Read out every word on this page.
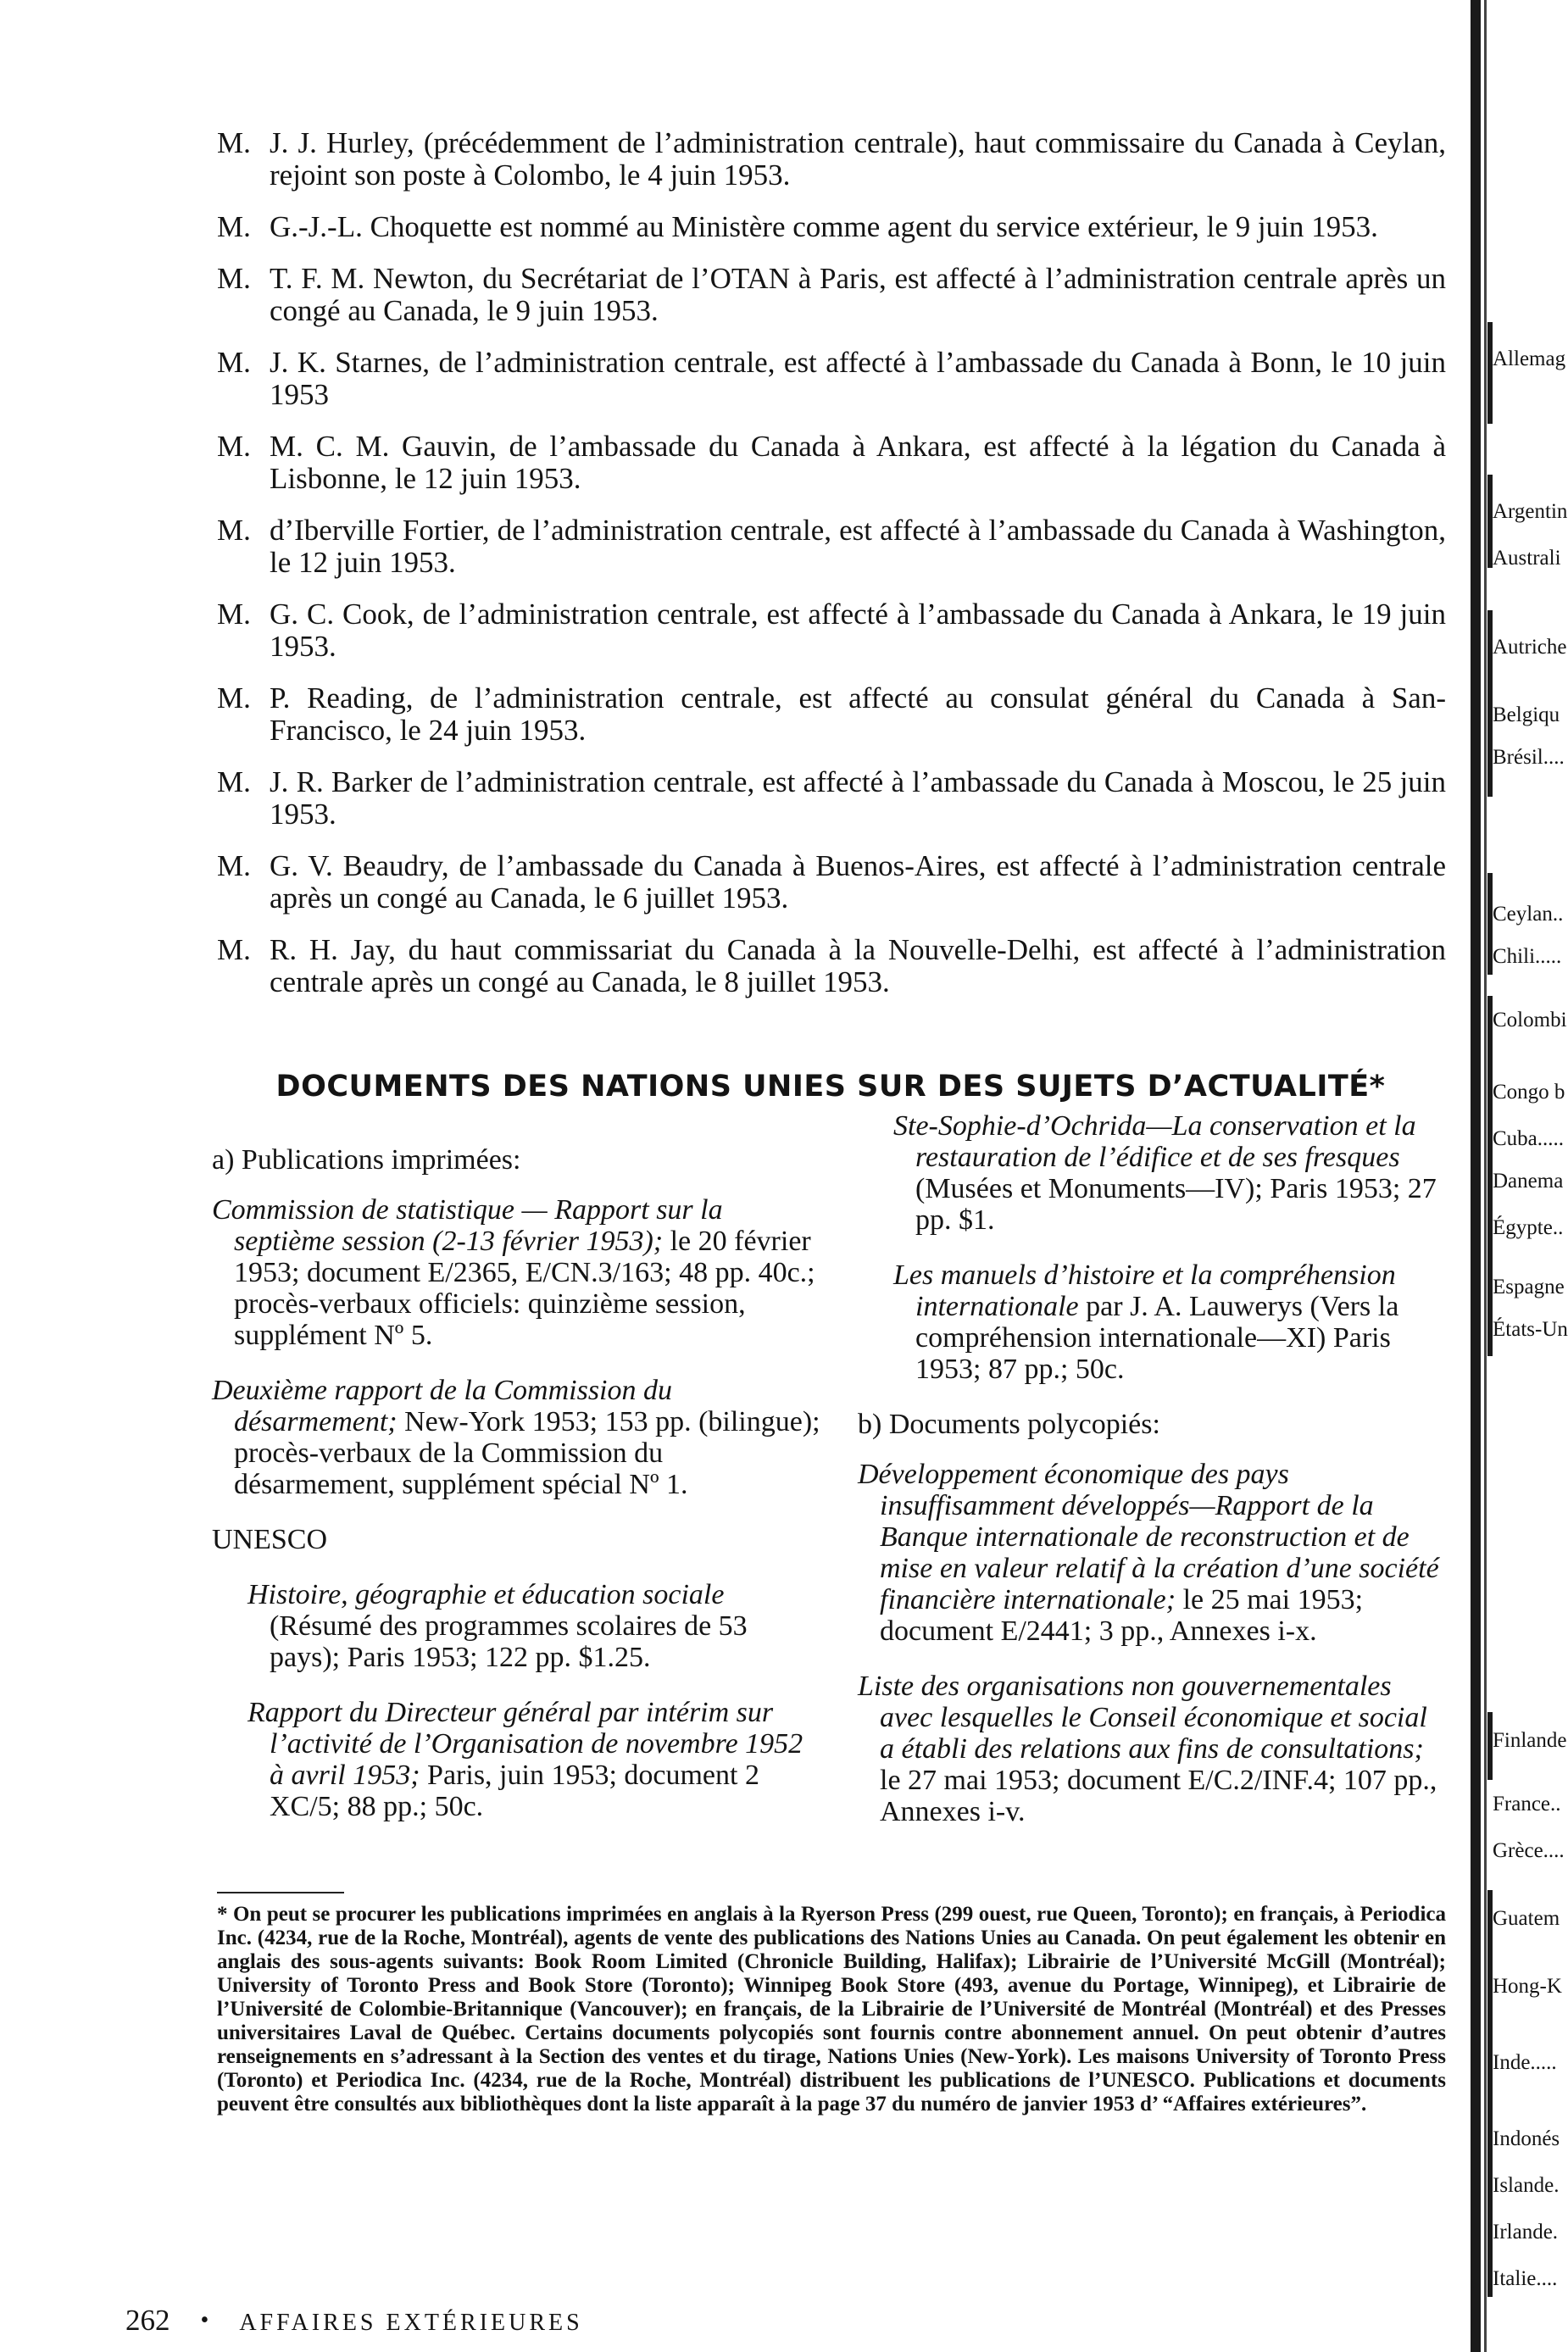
M. J. J. Hurley, (précédemment de l’administration centrale), haut commissaire du Canada à Ceylan, rejoint son poste à Colombo, le 4 juin 1953.
M. G.-J.-L. Choquette est nommé au Ministère comme agent du service extérieur, le 9 juin 1953.
M. T. F. M. Newton, du Secrétariat de l’OTAN à Paris, est affecté à l’administration centrale après un congé au Canada, le 9 juin 1953.
M. J. K. Starnes, de l’administration centrale, est affecté à l’ambassade du Canada à Bonn, le 10 juin 1953
M. M. C. M. Gauvin, de l’ambassade du Canada à Ankara, est affecté à la légation du Canada à Lisbonne, le 12 juin 1953.
M. d’Iberville Fortier, de l’administration centrale, est affecté à l’ambassade du Canada à Washington, le 12 juin 1953.
M. G. C. Cook, de l’administration centrale, est affecté à l’ambassade du Canada à Ankara, le 19 juin 1953.
M. P. Reading, de l’administration centrale, est affecté au consulat général du Canada à San-Francisco, le 24 juin 1953.
M. J. R. Barker de l’administration centrale, est affecté à l’ambassade du Canada à Moscou, le 25 juin 1953.
M. G. V. Beaudry, de l’ambassade du Canada à Buenos-Aires, est affecté à l’administration centrale après un congé au Canada, le 6 juillet 1953.
M. R. H. Jay, du haut commissariat du Canada à la Nouvelle-Delhi, est affecté à l’administration centrale après un congé au Canada, le 8 juillet 1953.
DOCUMENTS DES NATIONS UNIES SUR DES SUJETS D’ACTUALITÉ*
a) Publications imprimées:
Commission de statistique — Rapport sur la septième session (2-13 février 1953); le 20 février 1953; document E/2365, E/CN.3/163; 48 pp. 40c.; procès-verbaux officiels: quinzième session, supplément Nº 5.
Deuxième rapport de la Commission du désarmement; New-York 1953; 153 pp. (bilingue); procès-verbaux de la Commission du désarmement, supplément spécial Nº 1.
UNESCO
Histoire, géographie et éducation sociale (Résumé des programmes scolaires de 53 pays); Paris 1953; 122 pp. $1.25.
Rapport du Directeur général par intérim sur l’activité de l’Organisation de novembre 1952 à avril 1953; Paris, juin 1953; document 2 XC/5; 88 pp.; 50c.
Ste-Sophie-d’Ochrida—La conservation et la restauration de l’édifice et de ses fresques (Musées et Monuments—IV); Paris 1953; 27 pp. $1.
Les manuels d’histoire et la compréhension internationale par J. A. Lauwerys (Vers la compréhension internationale—XI) Paris 1953; 87 pp.; 50c.
b) Documents polycopiés:
Développement économique des pays insuffisamment développés—Rapport de la Banque internationale de reconstruction et de mise en valeur relatif à la création d’une société financière internationale; le 25 mai 1953; document E/2441; 3 pp., Annexes i-x.
Liste des organisations non gouvernementales avec lesquelles le Conseil économique et social a établi des relations aux fins de consultations; le 27 mai 1953; document E/C.2/INF.4; 107 pp., Annexes i-v.
* On peut se procurer les publications imprimées en anglais à la Ryerson Press (299 ouest, rue Queen, Toronto); en français, à Periodica Inc. (4234, rue de la Roche, Montréal), agents de vente des publications des Nations Unies au Canada. On peut également les obtenir en anglais des sous-agents suivants: Book Room Limited (Chronicle Building, Halifax); Librairie de l’Université McGill (Montréal); University of Toronto Press and Book Store (Toronto); Winnipeg Book Store (493, avenue du Portage, Winnipeg), et Librairie de l’Université de Colombie-Britannique (Vancouver); en français, de la Librairie de l’Université de Montréal (Montréal) et des Presses universitaires Laval de Québec. Certains documents polycopiés sont fournis contre abonnement annuel. On peut obtenir d’autres renseignements en s’adressant à la Section des ventes et du tirage, Nations Unies (New-York). Les maisons University of Toronto Press (Toronto) et Periodica Inc. (4234, rue de la Roche, Montréal) distribuent les publications de l’UNESCO. Publications et documents peuvent être consultés aux bibliothèques dont la liste apparaît à la page 37 du numéro de janvier 1953 d’ “Affaires extérieures”.
262 • AFFAIRES EXTÉRIEURES
Allemag
Argentin
Australi
Autriche
Belgiqu
Brésil....
Ceylan..
Chili.....
Colombi
Congo b
Cuba.....
Danema
Égypte..
Espagne
États-Un
Finlande
France..
Grèce....
Guatem
Hong-K
Inde.....
Indonés
Islande.
Irlande.
Italie....
